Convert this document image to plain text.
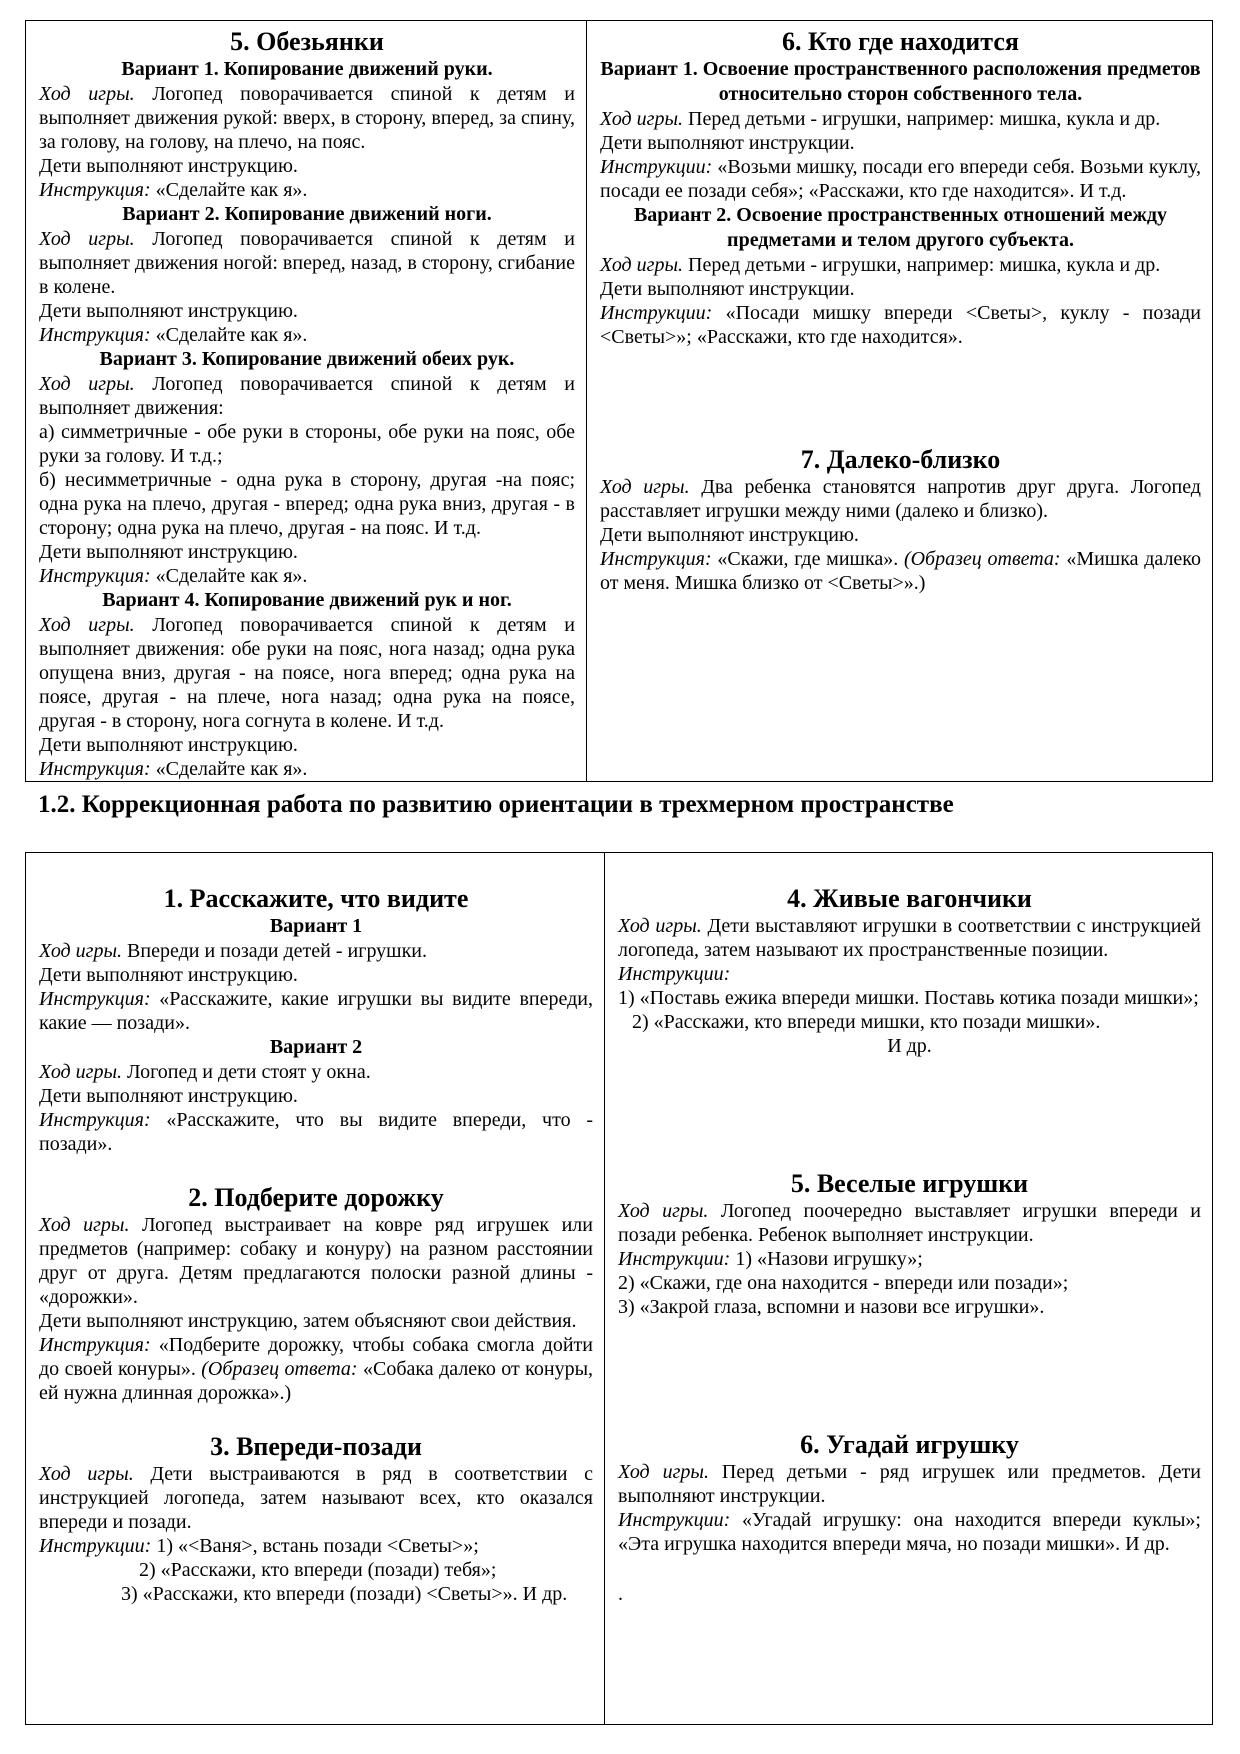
5. Обезьянки
Вариант 1. Копирование движений руки.

Ход игры. Логопед поворачивается спиной к детям и выполняет движения рукой: вверх, в сторону, вперед, за спину, за голову, на голову, на плечо, на пояс.

Дети выполняют инструкцию.

Инструкция: «Сделайте как я».

Вариант 2. Копирование движений ноги.

Ход игры. Логопед поворачивается спиной к детям и выполняет движения ногой: вперед, назад, в сторону, сгибание в колене.

Дети выполняют инструкцию.

Инструкция: «Сделайте как я».

Вариант 3. Копирование движений обеих рук.

Ход игры. Логопед поворачивается спиной к детям и выполняет движения:

а) симметричные - обе руки в стороны, обе руки на пояс, обе руки за голову. И т.д.;

б) несимметричные - одна рука в сторону, другая -на пояс; одна рука на плечо, другая - вперед; одна рука вниз, другая - в сторону; одна рука на плечо, другая - на пояс. И т.д.

Дети выполняют инструкцию.

Инструкция: «Сделайте как я».

Вариант 4. Копирование движений рук и ног.

Ход игры. Логопед поворачивается спиной к детям и выполняет движения: обе руки на пояс, нога назад; одна рука опущена вниз, другая - на поясе, нога вперед; одна рука на поясе, другая - на плече, нога назад; одна рука на поясе, другая - в сторону, нога согнута в колене. И т.д.

Дети выполняют инструкцию.

Инструкция: «Сделайте как я».

6. Кто где находится
Вариант 1. Освоение пространственного расположения предметов относительно сторон собственного тела.

Ход игры. Перед детьми - игрушки, например: мишка, кукла и др.

Дети выполняют инструкции.

Инструкции: «Возьми мишку, посади его впереди себя. Возьми куклу, посади ее позади себя»; «Расскажи, кто где находится». И т.д.

Вариант 2. Освоение пространственных отношений между предметами и телом другого субъекта.

Ход игры. Перед детьми - игрушки, например: мишка, кукла и др.

Дети выполняют инструкции.

Инструкции: «Посади мишку впереди <Светы>, куклу - позади <Светы>»; «Расскажи, кто где находится».

7. Далеко-близко

Ход игры. Два ребенка становятся напротив друг друга. Логопед расставляет игрушки между ними (далеко и близко).

Дети выполняют инструкцию.

Инструкция: «Скажи, где мишка». (Образец ответа: «Мишка далеко от меня. Мишка близко от <Светы>».)

1.2. Коррекционная работа по развитию ориентации в трехмерном пространстве
1. Расскажите, что видите
Вариант 1

Ход игры. Впереди и позади детей - игрушки.

Дети выполняют инструкцию.

Инструкция: «Расскажите, какие игрушки вы видите впереди, какие — позади».

Вариант 2

Ход игры. Логопед и дети стоят у окна.

Дети выполняют инструкцию.

Инструкция: «Расскажите, что вы видите впереди, что - позади».

2. Подберите дорожку

Ход игры. Логопед выстраивает на ковре ряд игрушек или предметов (например: собаку и конуру) на разном расстоянии друг от друга. Детям предлагаются полоски разной длины - «дорожки».

Дети выполняют инструкцию, затем объясняют свои действия.

Инструкция: «Подберите дорожку, чтобы собака смогла дойти до своей конуры». (Образец ответа: «Собака далеко от конуры, ей нужна длинная дорожка».)

3. Впереди-позади

Ход игры. Дети выстраиваются в ряд в соответствии с инструкцией логопеда, затем называют всех, кто оказался впереди и позади.

Инструкции: 1) «<Ваня>, встань позади <Светы>»;

2) «Расскажи, кто впереди (позади) тебя»;

3) «Расскажи, кто впереди (позади) <Светы>». И др.

4. Живые вагончики

Ход игры. Дети выставляют игрушки в соответствии с инструкцией логопеда, затем называют их пространственные позиции.

Инструкции:

1) «Поставь ежика впереди мишки. Поставь котика позади мишки»;

2) «Расскажи, кто впереди мишки, кто позади мишки».

И др.

5. Веселые игрушки

Ход игры. Логопед поочередно выставляет игрушки впереди и позади ребенка. Ребенок выполняет инструкции.

Инструкции: 1) «Назови игрушку»;

2) «Скажи, где она находится - впереди или позади»;

3) «Закрой глаза, вспомни и назови все игрушки».

6. Угадай игрушку

Ход игры. Перед детьми - ряд игрушек или предметов. Дети выполняют инструкции.

Инструкции: «Угадай игрушку: она находится впереди куклы»; «Эта игрушка находится впереди мяча, но позади мишки». И др.

.
